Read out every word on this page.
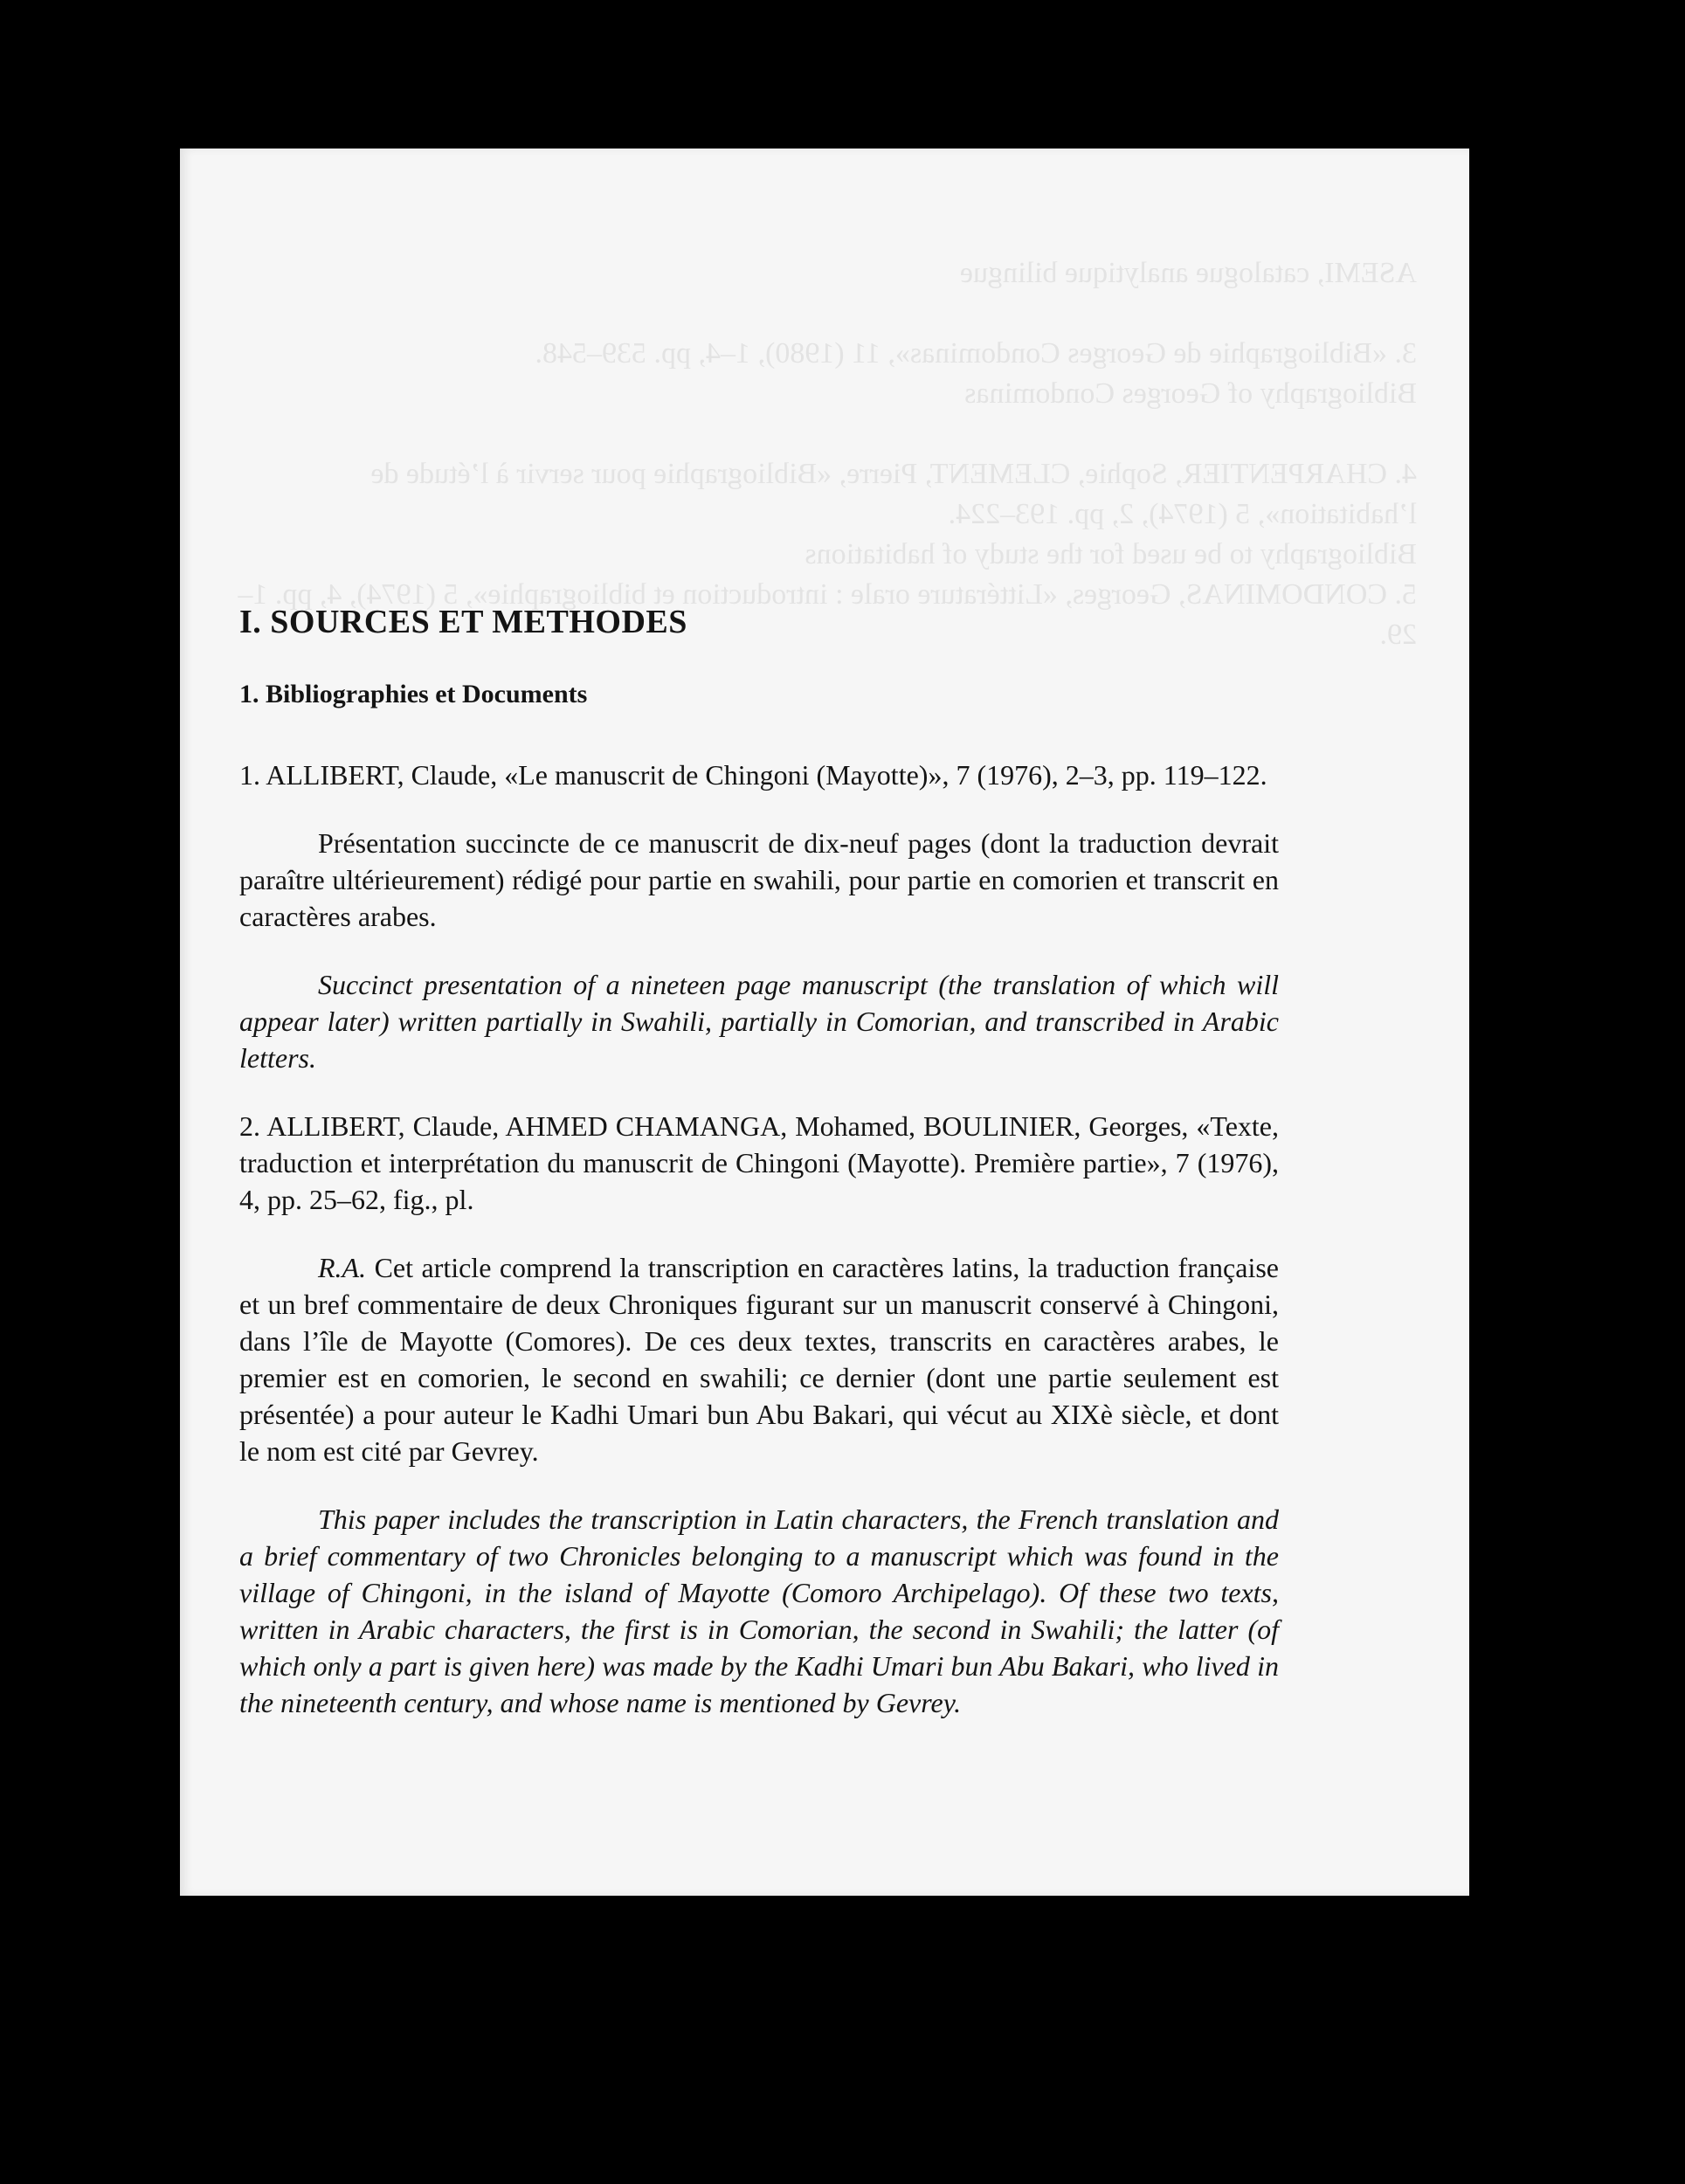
ASEMI, catalogue analytique bilingue

3. «Bibliographie de Georges Condominas», 11 (1980), 1–4, pp. 539–548.
Bibliography of Georges Condominas

4. CHARPENTIER, Sophie, CLEMENT, Pierre, «Bibliographie pour servir à l’étude de l’habitation», 5 (1974), 2, pp. 193–224.
Bibliography to be used for the study of habitations
5. CONDOMINAS, Georges, «Littérature orale : introduction et bibliographie», 5 (1974), 4, pp. 1–29.
I. SOURCES ET METHODES
1. Bibliographies et Documents

1. ALLIBERT, Claude, «Le manuscrit de Chingoni (Mayotte)», 7 (1976), 2–3, pp. 119–122.

Présentation succincte de ce manuscrit de dix-neuf pages (dont la traduction devrait paraître ultérieurement) rédigé pour partie en swahili, pour partie en comorien et transcrit en caractères arabes.

Succinct presentation of a nineteen page manuscript (the translation of which will appear later) written partially in Swahili, partially in Comorian, and transcribed in Arabic letters.

2. ALLIBERT, Claude, AHMED CHAMANGA, Mohamed, BOULINIER, Georges, «Texte, traduction et interprétation du manuscrit de Chingoni (Mayotte). Première partie», 7 (1976), 4, pp. 25–62, fig., pl.

R.A. Cet article comprend la transcription en caractères latins, la traduction française et un bref commentaire de deux Chroniques figurant sur un manuscrit conservé à Chingoni, dans l’île de Mayotte (Comores). De ces deux textes, transcrits en caractères arabes, le premier est en comorien, le second en swahili; ce dernier (dont une partie seulement est présentée) a pour auteur le Kadhi Umari bun Abu Bakari, qui vécut au XIXè siècle, et dont le nom est cité par Gevrey.

This paper includes the transcription in Latin characters, the French translation and a brief commentary of two Chronicles belonging to a manuscript which was found in the village of Chingoni, in the island of Mayotte (Comoro Archipelago). Of these two texts, written in Arabic characters, the first is in Comorian, the second in Swahili; the latter (of which only a part is given here) was made by the Kadhi Umari bun Abu Bakari, who lived in the nineteenth century, and whose name is mentioned by Gevrey.
